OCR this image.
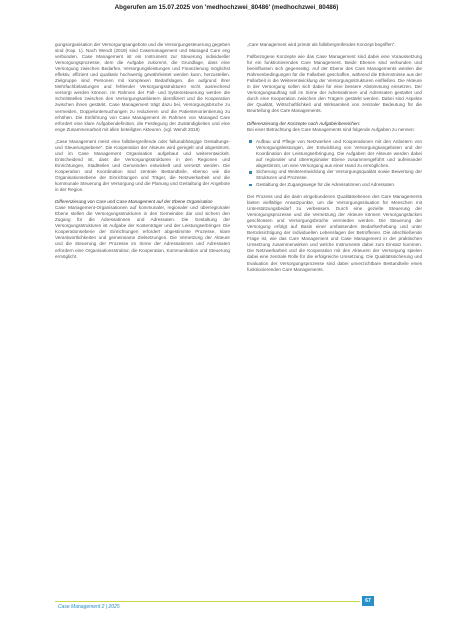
Abgerufen am 15.07.2025 von 'medhochzwei_80486' (medhochzwei_80486)

gungsorganisation der Versorgungsangebote und die Versorgungssteuerung gegeben sind (Kap. 1). Nach Wendt (2018) sind Casemanagement und Managed Care eng verbunden. Case Management ist ein Instrument zur Steuerung individueller Versorgungsprozesse, dem die Aufgabe zukommt, die Grundlage, dass eine Versorgung zwischen Bedarfen, Versorgungsleistungen und Finanzierung möglichst effektiv, effizient und qualitativ hochwertig gewährleistet werden kann, herzustellen. Zielgruppe sind Personen mit komplexen Bedarfslagen, die aufgrund ihrer Mehrfachbelastungen und fehlender Versorgungsstrukturen nicht ausreichend versorgt werden können. Im Rahmen der Fall- und Systemsteuerung werden die Schnittstellen zwischen den Versorgungsanbietern identifiziert und die Kooperation zwischen ihnen gestärkt. Case Management trägt dazu bei, Versorgungsbrüche zu vermeiden, Doppeluntersuchungen zu reduzieren und die Patientenorientierung zu erhöhen. Die Einführung von Case Management im Rahmen von Managed Care erfordert eine klare Aufgabendefinition, die Festlegung der Zuständigkeiten und eine enge Zusammenarbeit mit allen beteiligten Akteuren. (vgl. Wendt 2018)

„Case Management meint eine fallübergreifende oder fallunabhängige Gestaltungs- und Steuerungsebene“. Die Kooperation der Akteure wird geregelt und abgestimmt, und im Case Management Organisation aufgebaut und weiterentwickelt. Entscheidend ist, dass die Versorgungsstrukturen in den Regionen und Einrichtungen, Stadtteilen und Gemeinden entwickelt und vernetzt werden. Die Kooperation und Koordination sind zentrale Bestandteile, ebenso wie die Organisationsebene der Einrichtungen und Träger, die Netzwerkarbeit und die kommunale Steuerung der Versorgung und die Planung und Gestaltung der Angebote in der Region.

Differenzierung von Care und Case Management auf der Ebene Organisation

Case Management-Organisationen auf kommunaler, regionaler und überregionaler Ebene stellen die Versorgungsstrukturen in den Gemeinden dar und sichern den Zugang für die Adressatinnen und Adressaten. Die Gestaltung der Versorgungsstrukturen ist Aufgabe der Kostenträger und der Leistungserbringer. Die Kooperationsebene der Einrichtungen erfordert abgestimmte Prozesse, klare Verantwortlichkeiten und gemeinsame Zielsetzungen. Die Vernetzung der Akteure und die Steuerung der Prozesse im Sinne der Adressatinnen und Adressaten erfordern eine Organisationsstruktur, die Kooperation, Kommunikation und Steuerung ermöglicht.

„Care Management wird primär als fallübergreifendes Konzept begriffen“.

Fallbezogene Konzepte wie das Case Management sind dabei eine Voraussetzung für ein funktionierendes Care Management. Beide Ebenen sind verbunden und beeinflussen sich gegenseitig. Auf der Ebene des Care Managements werden die Rahmenbedingungen für die Fallarbeit geschaffen, während die Erkenntnisse aus der Fallarbeit in die Weiterentwicklung der Versorgungsstrukturen einfließen. Die Akteure in der Versorgung sollen sich dabei für eine bessere Abstimmung einsetzen. Der Versorgungsauftrag soll im Sinne der Adressatinnen und Adressaten gestaltet und durch eine Kooperation zwischen den Trägern gestärkt werden. Dabei sind Aspekte der Qualität, Wirtschaftlichkeit und Wirksamkeit von zentraler Bedeutung für die Beurteilung des Care Managements.

Differenzierung der Konzepte nach Aufgabenbereichen:

Bei einer Betrachtung des Care Managements sind folgende Aufgaben zu nennen:

Aufbau und Pflege von Netzwerken und Kooperationen mit den Anbietern von Versorgungsleistungen, der Entwicklung von Versorgungsangeboten und der Koordination der Leistungserbringung. Die Aufgaben der Akteure werden dabei auf regionaler und überregionaler Ebene zusammengeführt und aufeinander abgestimmt, um eine Versorgung aus einer Hand zu ermöglichen.
Sicherung und Weiterentwicklung der Versorgungsqualität sowie Bewertung der Strukturen und Prozesse.
Gestaltung der Zugangswege für die Adressatinnen und Adressaten.

Der Prozess und die darin eingebundenen Qualitätsebenen des Care Managements bieten vielfältige Ansatzpunkte, um die Versorgungssituation für Menschen mit Unterstützungsbedarf zu verbessern. Durch eine gezielte Steuerung der Versorgungsprozesse und die Vernetzung der Akteure können Versorgungslücken geschlossen und Versorgungsbrüche vermieden werden. Die Steuerung der Versorgung erfolgt auf Basis einer umfassenden Bedarfserhebung und unter Berücksichtigung der individuellen Lebenslagen der Betroffenen. Die abschließende Frage ist, wie das Care Management und Case Management in der praktischen Umsetzung zusammenwirken und welche Instrumente dabei zum Einsatz kommen. Die Netzwerkarbeit und die Kooperation mit den Akteuren der Versorgung spielen dabei eine zentrale Rolle für die erfolgreiche Umsetzung. Die Qualitätssicherung und Evaluation der Versorgungsprozesse sind dabei unverzichtbare Bestandteile eines funktionierenden Care Managements.

Case Management 2 | 2025
67
